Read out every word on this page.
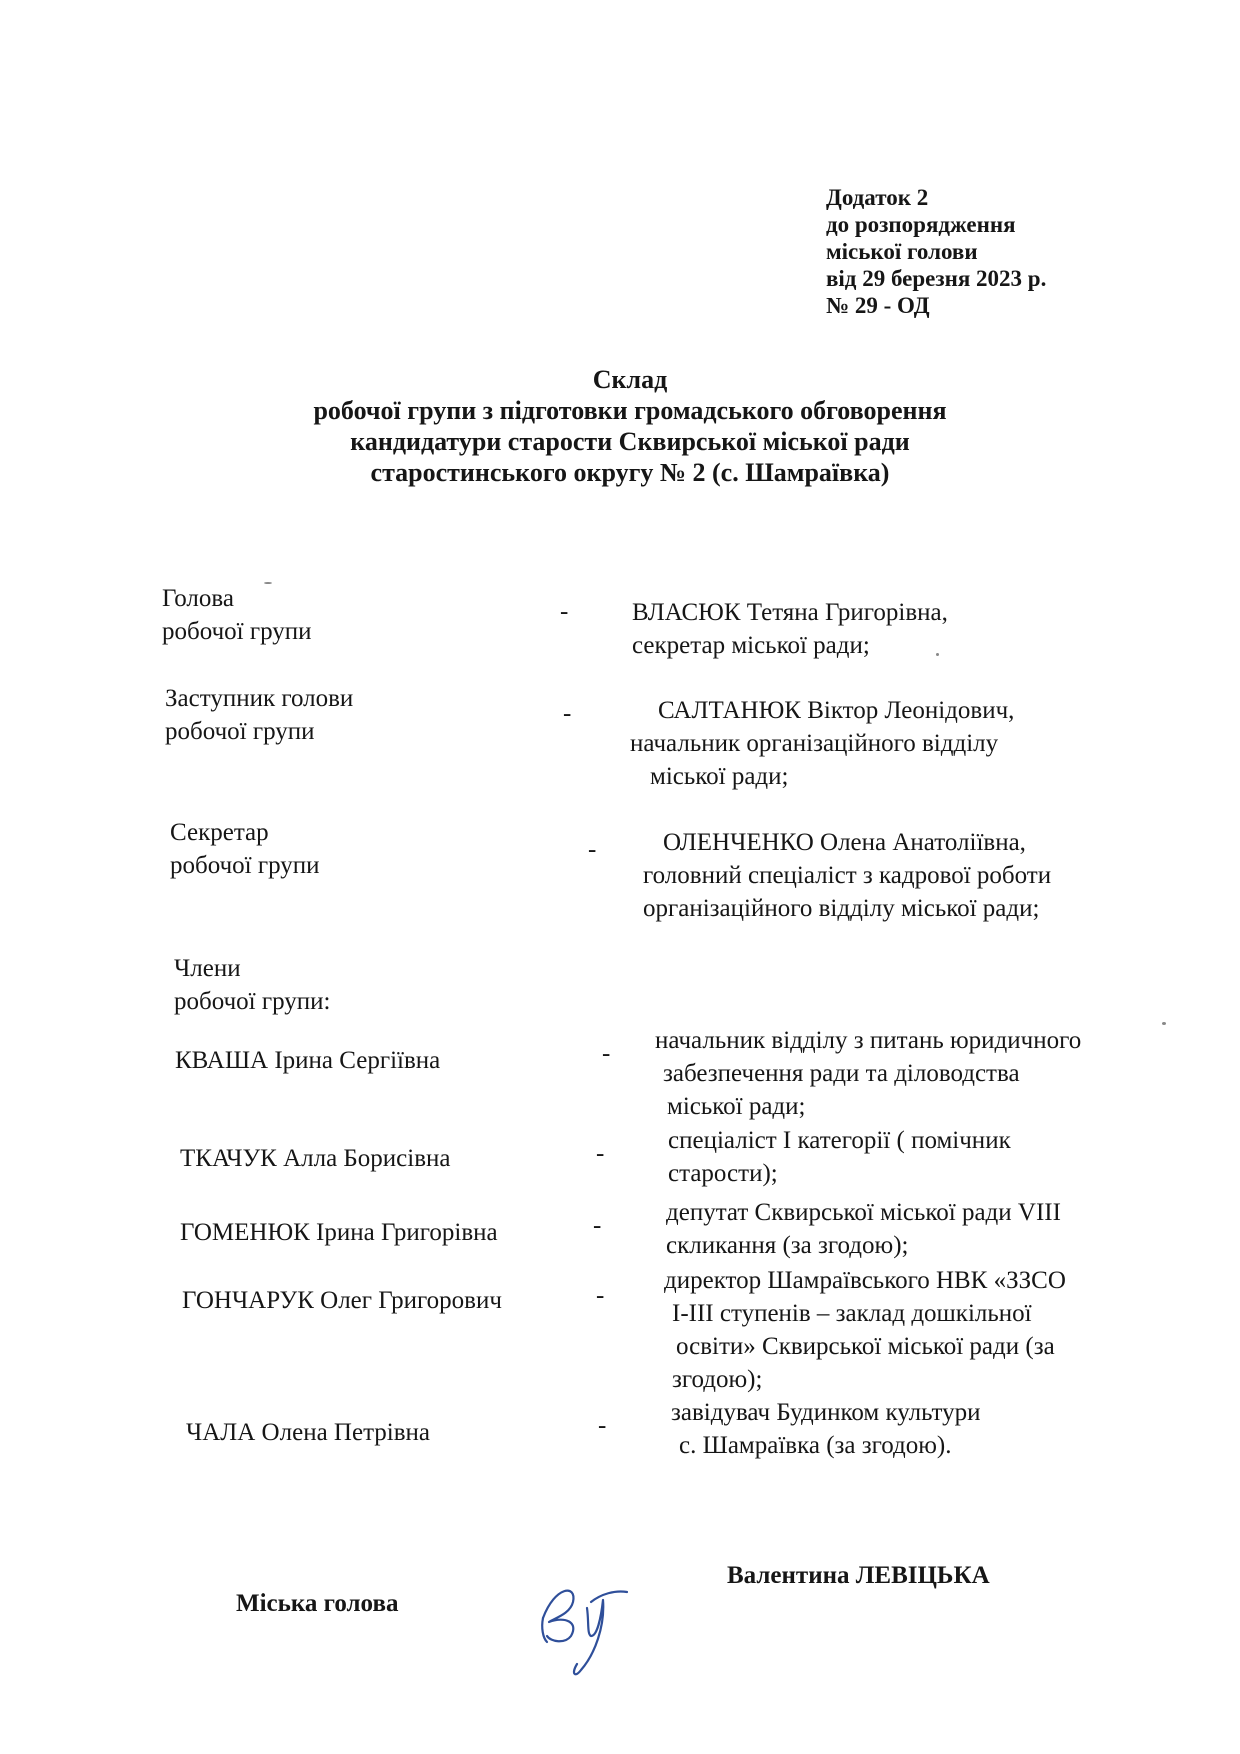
Додаток 2
до розпорядження
міської голови
від 29 березня 2023 р.
№ 29 - ОД
Склад
робочої групи з підготовки громадського обговорення
кандидатури старости Сквирської міської ради
старостинського округу № 2 (с. Шамраївка)
Голова
робочої групи
-	ВЛАСЮК Тетяна Григорівна,
секретар міської ради;
Заступник голови
робочої групи
-	САЛТАНЮК Віктор Леонідович,
начальник організаційного відділу
міської ради;
Секретар
робочої групи
-	ОЛЕНЧЕНКО Олена Анатоліївна,
головний спеціаліст з кадрової роботи
організаційного відділу міської ради;
Члени
робочої групи:
КВАША Ірина Сергіївна	- начальник відділу з питань юридичного
забезпечення ради та діловодства
міської ради;
ТКАЧУК Алла Борисівна	-	спеціаліст І категорії ( помічник
старости);
ГОМЕНЮК Ірина Григорівна	-	депутат Сквирської міської ради VIII
скликання (за згодою);
ГОНЧАРУК Олег Григорович	-
директор Шамраївського НВК «ЗЗСО
І-ІІІ ступенів – заклад дошкільної
освіти» Сквирської міської ради (за
згодою);
ЧАЛА Олена Петрівна	-	завідувач Будинком культури
с. Шамраївка (за згодою).
Міська голова
Валентина ЛЕВІЦЬКА
